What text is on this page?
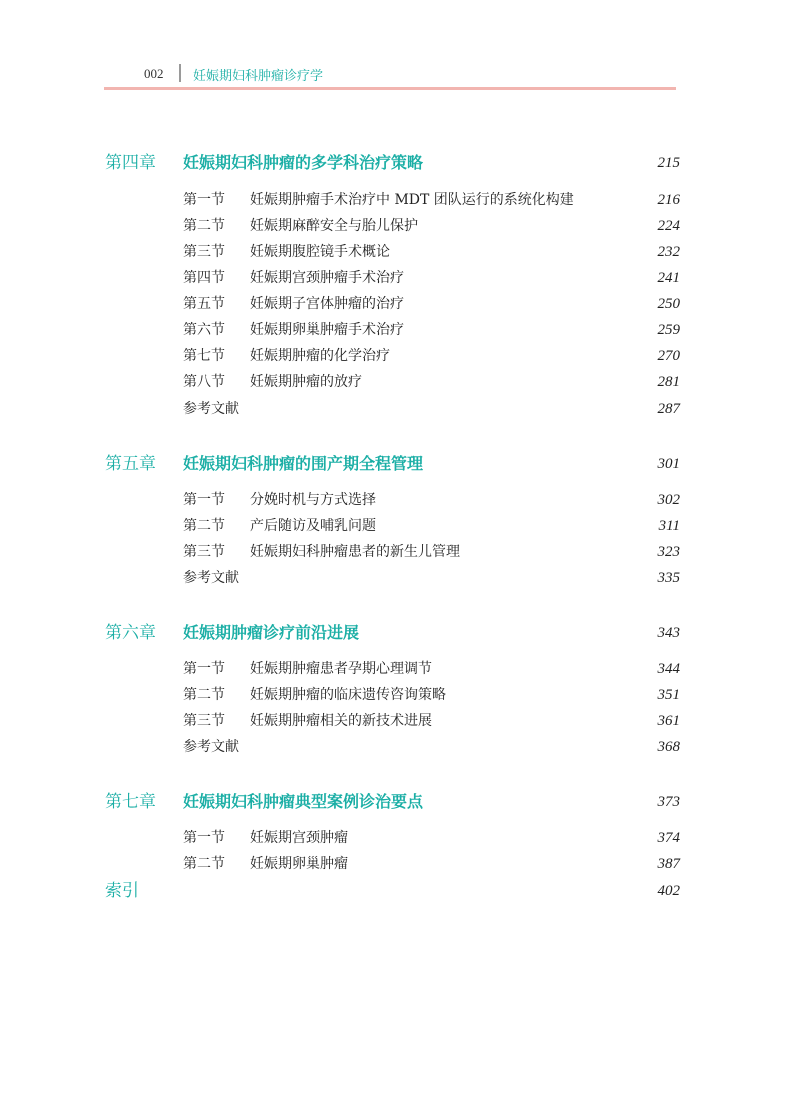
002 妊娠期妇科肿瘤诊疗学
第四章 妊娠期妇科肿瘤的多学科治疗策略	215
第一节 妊娠期肿瘤手术治疗中 MDT 团队运行的系统化构建	216
第二节 妊娠期麻醉安全与胎儿保护	224
第三节 妊娠期腹腔镜手术概论	232
第四节 妊娠期宫颈肿瘤手术治疗	241
第五节 妊娠期子宫体肿瘤的治疗	250
第六节 妊娠期卵巢肿瘤手术治疗	259
第七节 妊娠期肿瘤的化学治疗	270
第八节 妊娠期肿瘤的放疗	281
参考文献	287
第五章 妊娠期妇科肿瘤的围产期全程管理	301
第一节 分娩时机与方式选择	302
第二节 产后随访及哺乳问题	311
第三节 妊娠期妇科肿瘤患者的新生儿管理	323
参考文献	335
第六章 妊娠期肿瘤诊疗前沿进展	343
第一节 妊娠期肿瘤患者孕期心理调节	344
第二节 妊娠期肿瘤的临床遗传咨询策略	351
第三节 妊娠期肿瘤相关的新技术进展	361
参考文献	368
第七章 妊娠期妇科肿瘤典型案例诊治要点	373
第一节 妊娠期宫颈肿瘤	374
第二节 妊娠期卵巢肿瘤	387
索引	402
